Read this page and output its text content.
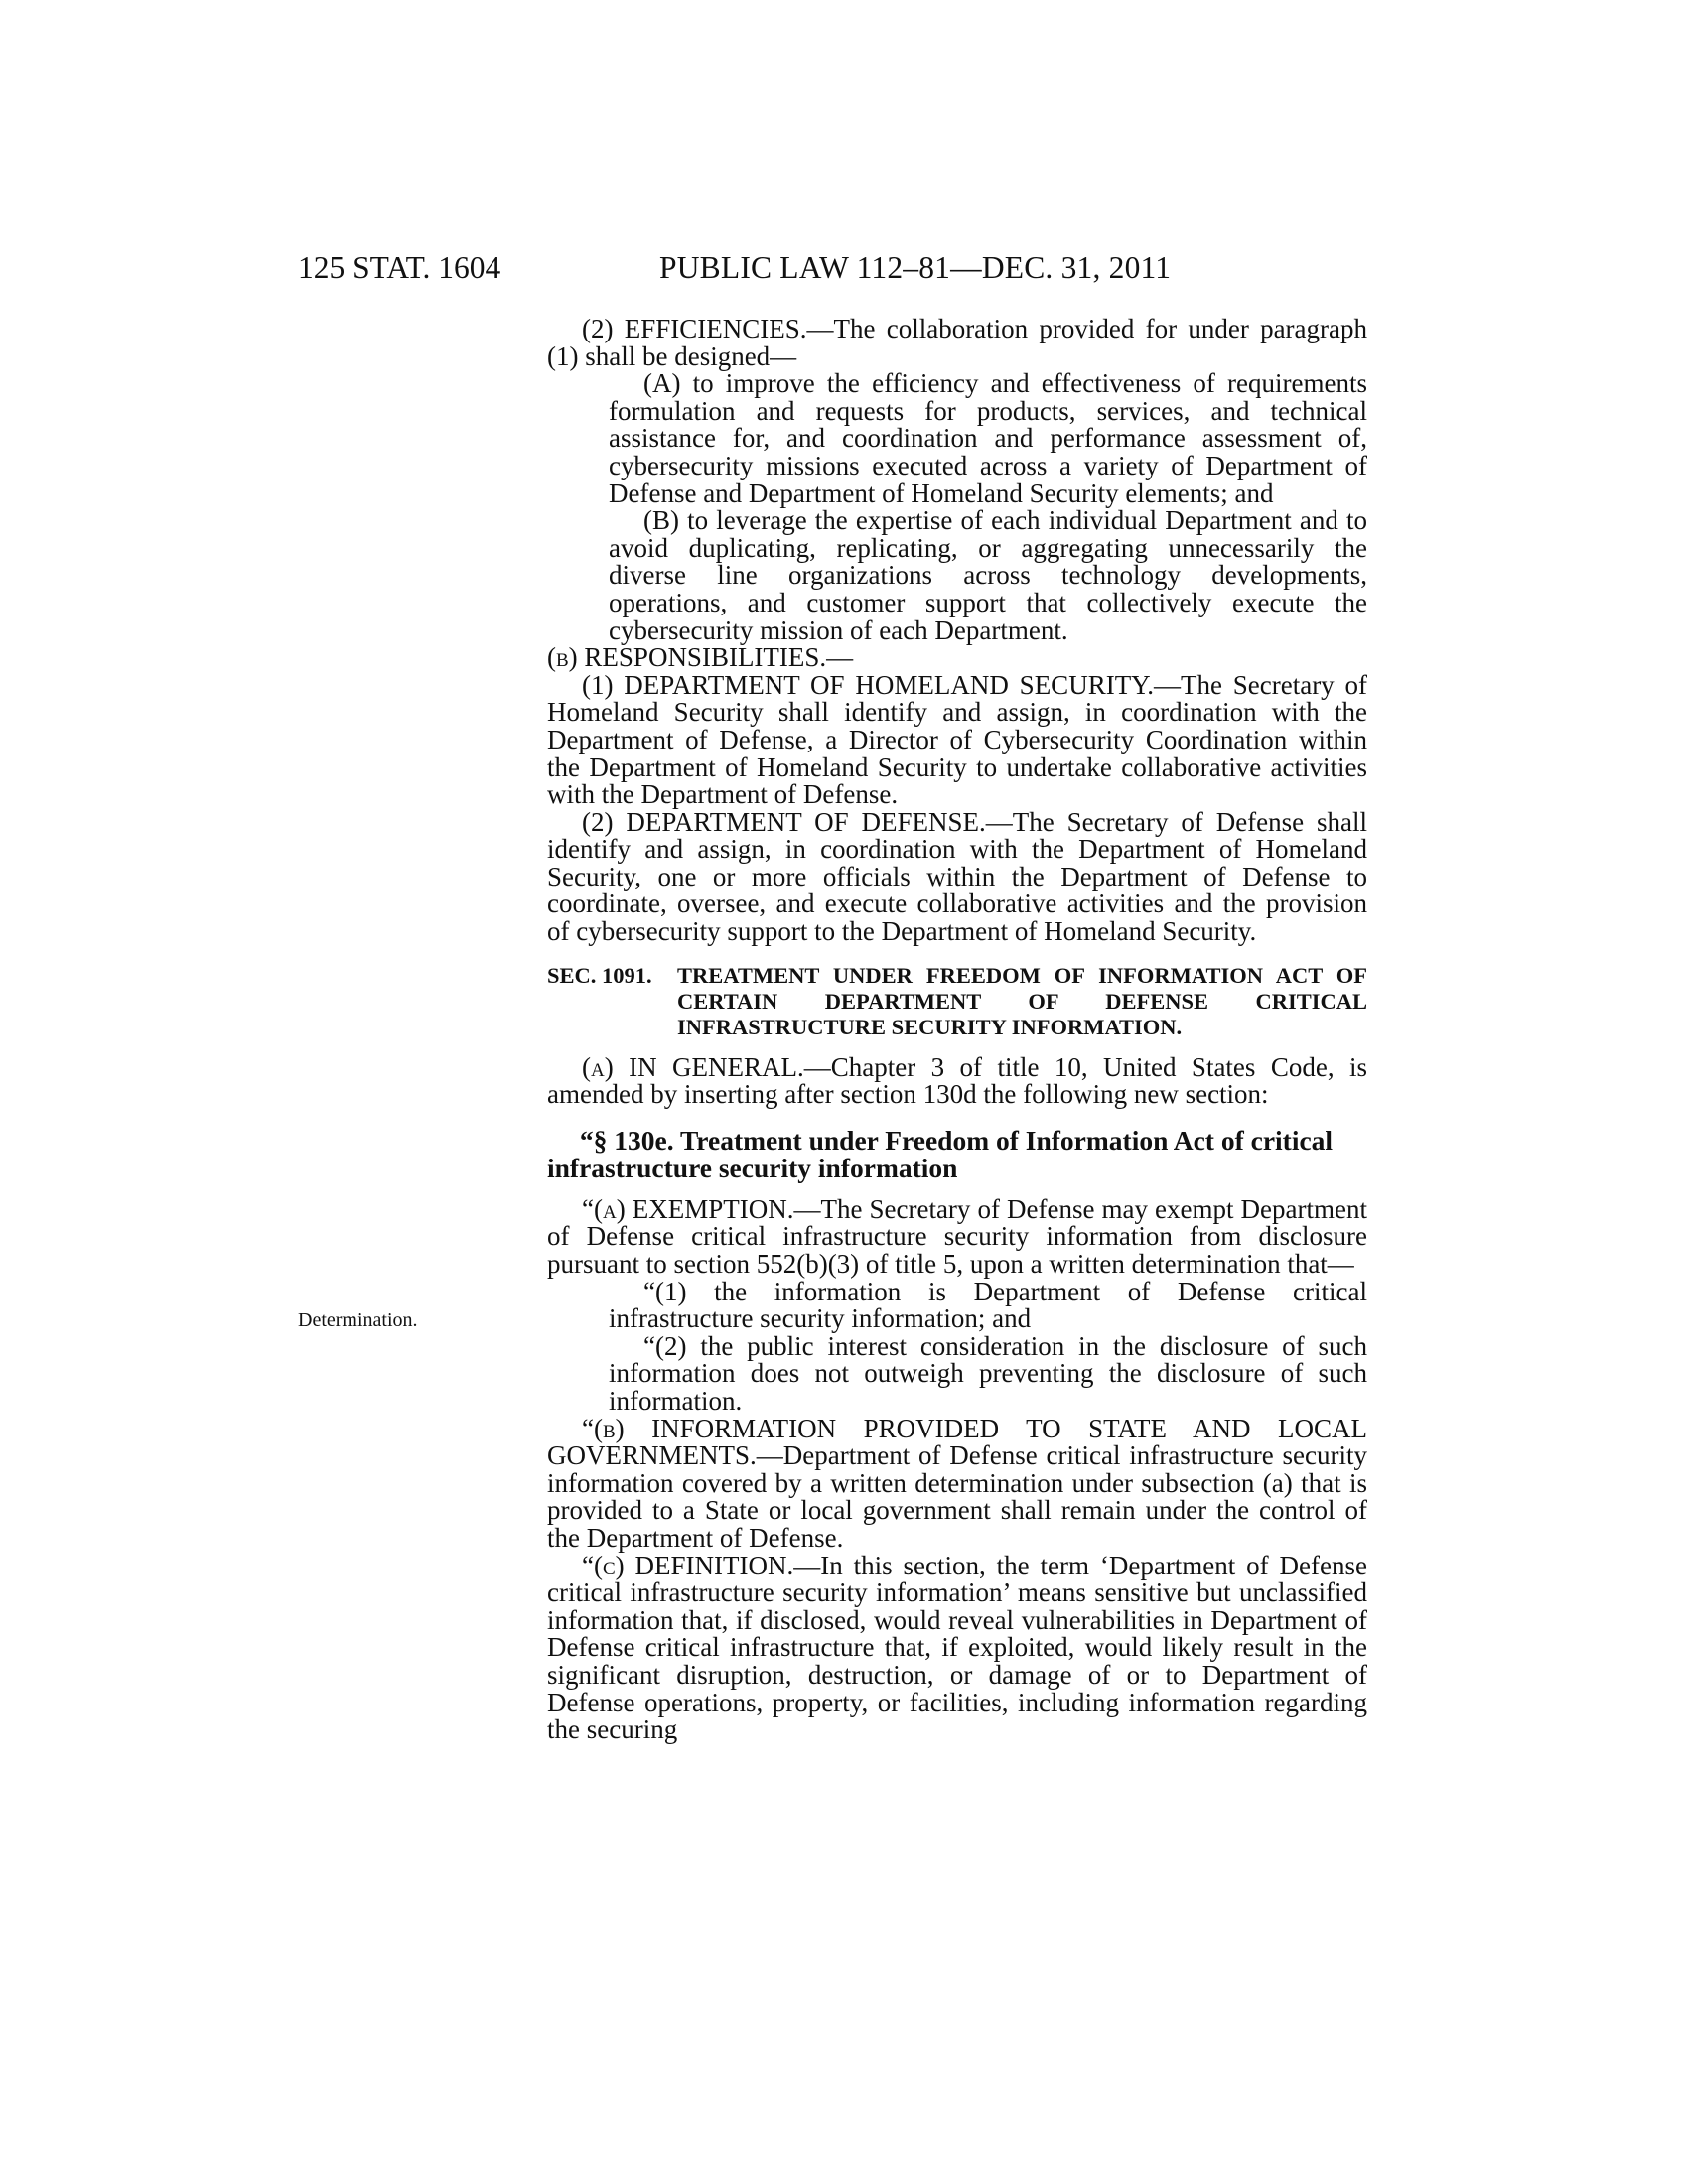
125 STAT. 1604	PUBLIC LAW 112–81—DEC. 31, 2011
Determination.

(2) EFFICIENCIES.—The collaboration provided for under paragraph (1) shall be designed—

(A) to improve the efficiency and effectiveness of requirements formulation and requests for products, services, and technical assistance for, and coordination and performance assessment of, cybersecurity missions executed across a variety of Department of Defense and Department of Homeland Security elements; and

(B) to leverage the expertise of each individual Department and to avoid duplicating, replicating, or aggregating unnecessarily the diverse line organizations across technology developments, operations, and customer support that collectively execute the cybersecurity mission of each Department.

(b) RESPONSIBILITIES.—

(1) DEPARTMENT OF HOMELAND SECURITY.—The Secretary of Homeland Security shall identify and assign, in coordination with the Department of Defense, a Director of Cybersecurity Coordination within the Department of Homeland Security to undertake collaborative activities with the Department of Defense.

(2) DEPARTMENT OF DEFENSE.—The Secretary of Defense shall identify and assign, in coordination with the Department of Homeland Security, one or more officials within the Department of Defense to coordinate, oversee, and execute collaborative activities and the provision of cybersecurity support to the Department of Homeland Security.

SEC. 1091.	TREATMENT UNDER FREEDOM OF INFORMATION ACT OF CERTAIN DEPARTMENT OF DEFENSE CRITICAL INFRASTRUCTURE SECURITY INFORMATION.

(a) IN GENERAL.—Chapter 3 of title 10, United States Code, is amended by inserting after section 130d the following new section:

“§ 130e. Treatment under Freedom of Information Act of critical infrastructure security information

“(a) EXEMPTION.—The Secretary of Defense may exempt Department of Defense critical infrastructure security information from disclosure pursuant to section 552(b)(3) of title 5, upon a written determination that—

“(1) the information is Department of Defense critical infrastructure security information; and

“(2) the public interest consideration in the disclosure of such information does not outweigh preventing the disclosure of such information.

“(b) INFORMATION PROVIDED TO STATE AND LOCAL GOVERNMENTS.—Department of Defense critical infrastructure security information covered by a written determination under subsection (a) that is provided to a State or local government shall remain under the control of the Department of Defense.

“(c) DEFINITION.—In this section, the term ‘Department of Defense critical infrastructure security information’ means sensitive but unclassified information that, if disclosed, would reveal vulnerabilities in Department of Defense critical infrastructure that, if exploited, would likely result in the significant disruption, destruction, or damage of or to Department of Defense operations, property, or facilities, including information regarding the securing
